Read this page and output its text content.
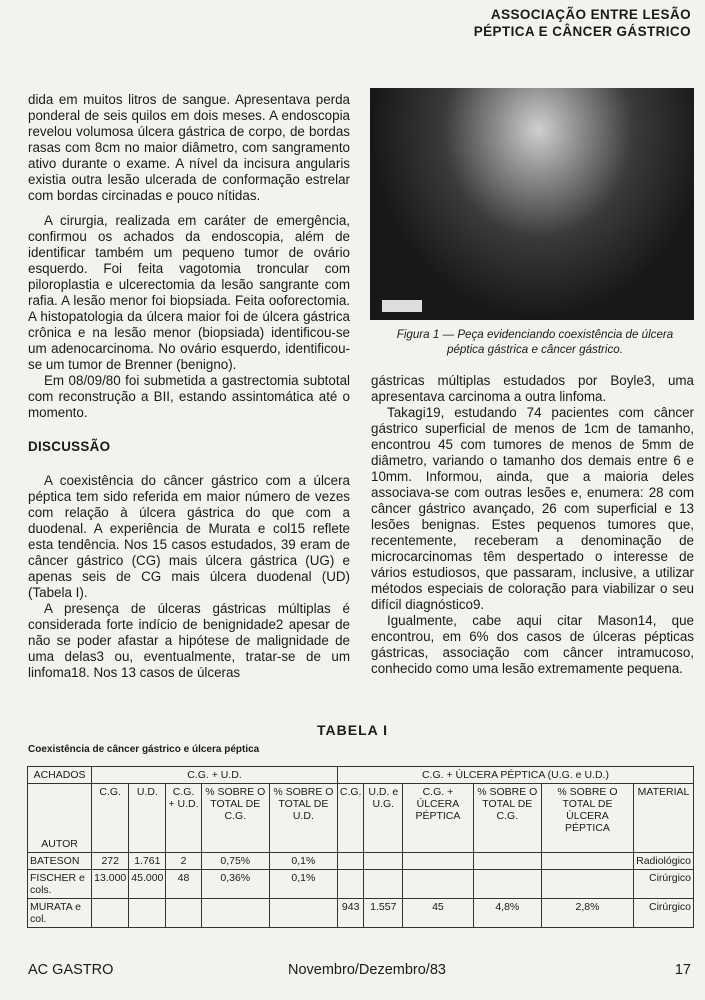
ASSOCIAÇÃO ENTRE LESÃO
PÉPTICA E CÂNCER GÁSTRICO

dida em muitos litros de sangue. Apresentava perda ponderal de seis quilos em dois meses. A endoscopia revelou volumosa úlcera gástrica de corpo, de bordas rasas com 8cm no maior diâmetro, com sangramento ativo durante o exame. A nível da incisura angularis existia outra lesão ulcerada de conformação estrelar com bordas circinadas e pouco nítidas.

A cirurgia, realizada em caráter de emergência, confirmou os achados da endoscopia, além de identificar também um pequeno tumor de ovário esquerdo. Foi feita vagotomia troncular com piloroplastia e ulcerectomia da lesão sangrante com rafia. A lesão menor foi biopsiada. Feita ooforectomia. A histopatologia da úlcera maior foi de úlcera gástrica crônica e na lesão menor (biopsiada) identificou-se um adenocarcinoma. No ovário esquerdo, identificou-se um tumor de Brenner (benigno).

Em 08/09/80 foi submetida a gastrectomia subtotal com reconstrução a BII, estando assintomática até o momento.

DISCUSSÃO

A coexistência do câncer gástrico com a úlcera péptica tem sido referida em maior número de vezes com relação à úlcera gástrica do que com a duodenal. A experiência de Murata e col15 reflete esta tendência. Nos 15 casos estudados, 39 eram de câncer gástrico (CG) mais úlcera gástrica (UG) e apenas seis de CG mais úlcera duodenal (UD) (Tabela I).

A presença de úlceras gástricas múltiplas é considerada forte indício de benignidade2 apesar de não se poder afastar a hipótese de malignidade de uma delas3 ou, eventualmente, tratar-se de um linfoma18. Nos 13 casos de úlceras

Figura 1 — Peça evidenciando coexistência de úlcera
péptica gástrica e câncer gástrico.

gástricas múltiplas estudados por Boyle3, uma apresentava carcinoma a outra linfoma.

Takagi19, estudando 74 pacientes com câncer gástrico superficial de menos de 1cm de tamanho, encontrou 45 com tumores de menos de 5mm de diâmetro, variando o tamanho dos demais entre 6 e 10mm. Informou, ainda, que a maioria deles associava-se com outras lesões e, enumera: 28 com câncer gástrico avançado, 26 com superficial e 13 lesões benignas. Estes pequenos tumores que, recentemente, receberam a denominação de microcarcinomas têm despertado o interesse de vários estudiosos, que passaram, inclusive, a utilizar métodos especiais de coloração para viabilizar o seu difícil diagnóstico9.

Igualmente, cabe aqui citar Mason14, que encontrou, em 6% dos casos de úlceras pépticas gástricas, associação com câncer intramucoso, conhecido como uma lesão extremamente pequena.

TABELA I
Coexistência de câncer gástrico e úlcera péptica
ACHADOS	C.G. + U.D.					C.G. + ÚLCERA PÉPTICA (U.G. e U.D.)					
AUTOR	C.G.	U.D.	C.G. + U.D.	% SOBRE O TOTAL DE C.G.	% SOBRE O TOTAL DE U.D.	C.G.	U.D. e U.G.	C.G. + ÚLCERA PÉPTICA	% SOBRE O TOTAL DE C.G.	% SOBRE O TOTAL DE ÚLCERA PÉPTICA	MATERIAL
BATESON	272	1.761	2	0,75%	0,1%						Radiológico
FISCHER e cols.	13.000	45.000	48	0,36%	0,1%						Cirúrgico
MURATA e col.						943	1.557	45	4,8%	2,8%	Cirúrgico
AC GASTRO	Novembro/Dezembro/83	17
